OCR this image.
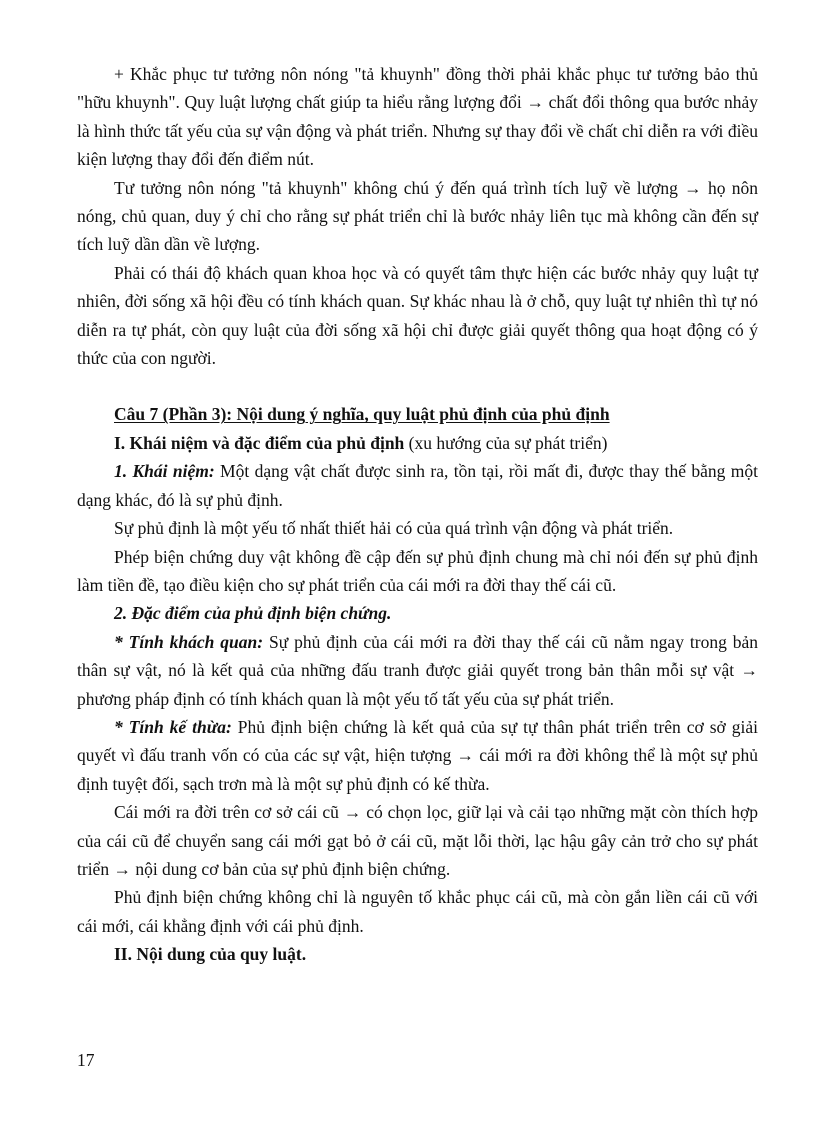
+ Khắc phục tư tưởng nôn nóng "tả khuynh" đồng thời phải khắc phục tư tưởng bảo thủ "hữu khuynh". Quy luật lượng chất giúp ta hiểu rằng lượng đổi → chất đổi thông qua bước nhảy là hình thức tất yếu của sự vận động và phát triển. Nhưng sự thay đổi về chất chỉ diễn ra với điều kiện lượng thay đổi đến điểm nút.

Tư tưởng nôn nóng "tả khuynh" không chú ý đến quá trình tích luỹ về lượng → họ nôn nóng, chủ quan, duy ý chỉ cho rằng sự phát triển chỉ là bước nhảy liên tục mà không cần đến sự tích luỹ dần dần về lượng.

Phải có thái độ khách quan khoa học và có quyết tâm thực hiện các bước nhảy quy luật tự nhiên, đời sống xã hội đều có tính khách quan. Sự khác nhau là ở chỗ, quy luật tự nhiên thì tự nó diễn ra tự phát, còn quy luật của đời sống xã hội chỉ được giải quyết thông qua hoạt động có ý thức của con người.

Câu 7 (Phần 3): Nội dung ý nghĩa, quy luật phủ định của phủ định

I. Khái niệm và đặc điểm của phủ định (xu hướng của sự phát triển)

1. Khái niệm: Một dạng vật chất được sinh ra, tồn tại, rồi mất đi, được thay thế bằng một dạng khác, đó là sự phủ định.

Sự phủ định là một yếu tố nhất thiết hải có của quá trình vận động và phát triển.

Phép biện chứng duy vật không đề cập đến sự phủ định chung mà chỉ nói đến sự phủ định làm tiền đề, tạo điều kiện cho sự phát triển của cái mới ra đời thay thế cái cũ.

2. Đặc điểm của phủ định biện chứng.

* Tính khách quan: Sự phủ định của cái mới ra đời thay thế cái cũ nằm ngay trong bản thân sự vật, nó là kết quả của những đấu tranh được giải quyết trong bản thân mỗi sự vật → phương pháp định có tính khách quan là một yếu tố tất yếu của sự phát triển.

* Tính kế thừa: Phủ định biện chứng là kết quả của sự tự thân phát triển trên cơ sở giải quyết vì đấu tranh vốn có của các sự vật, hiện tượng → cái mới ra đời không thể là một sự phủ định tuyệt đối, sạch trơn mà là một sự phủ định có kế thừa.

Cái mới ra đời trên cơ sở cái cũ → có chọn lọc, giữ lại và cải tạo những mặt còn thích hợp của cái cũ để chuyển sang cái mới gạt bỏ ở cái cũ, mặt lỗi thời, lạc hậu gây cản trở cho sự phát triển → nội dung cơ bản của sự phủ định biện chứng.

Phủ định biện chứng không chỉ là nguyên tố khắc phục cái cũ, mà còn gắn liền cái cũ với cái mới, cái khẳng định với cái phủ định.

II. Nội dung của quy luật.

17
